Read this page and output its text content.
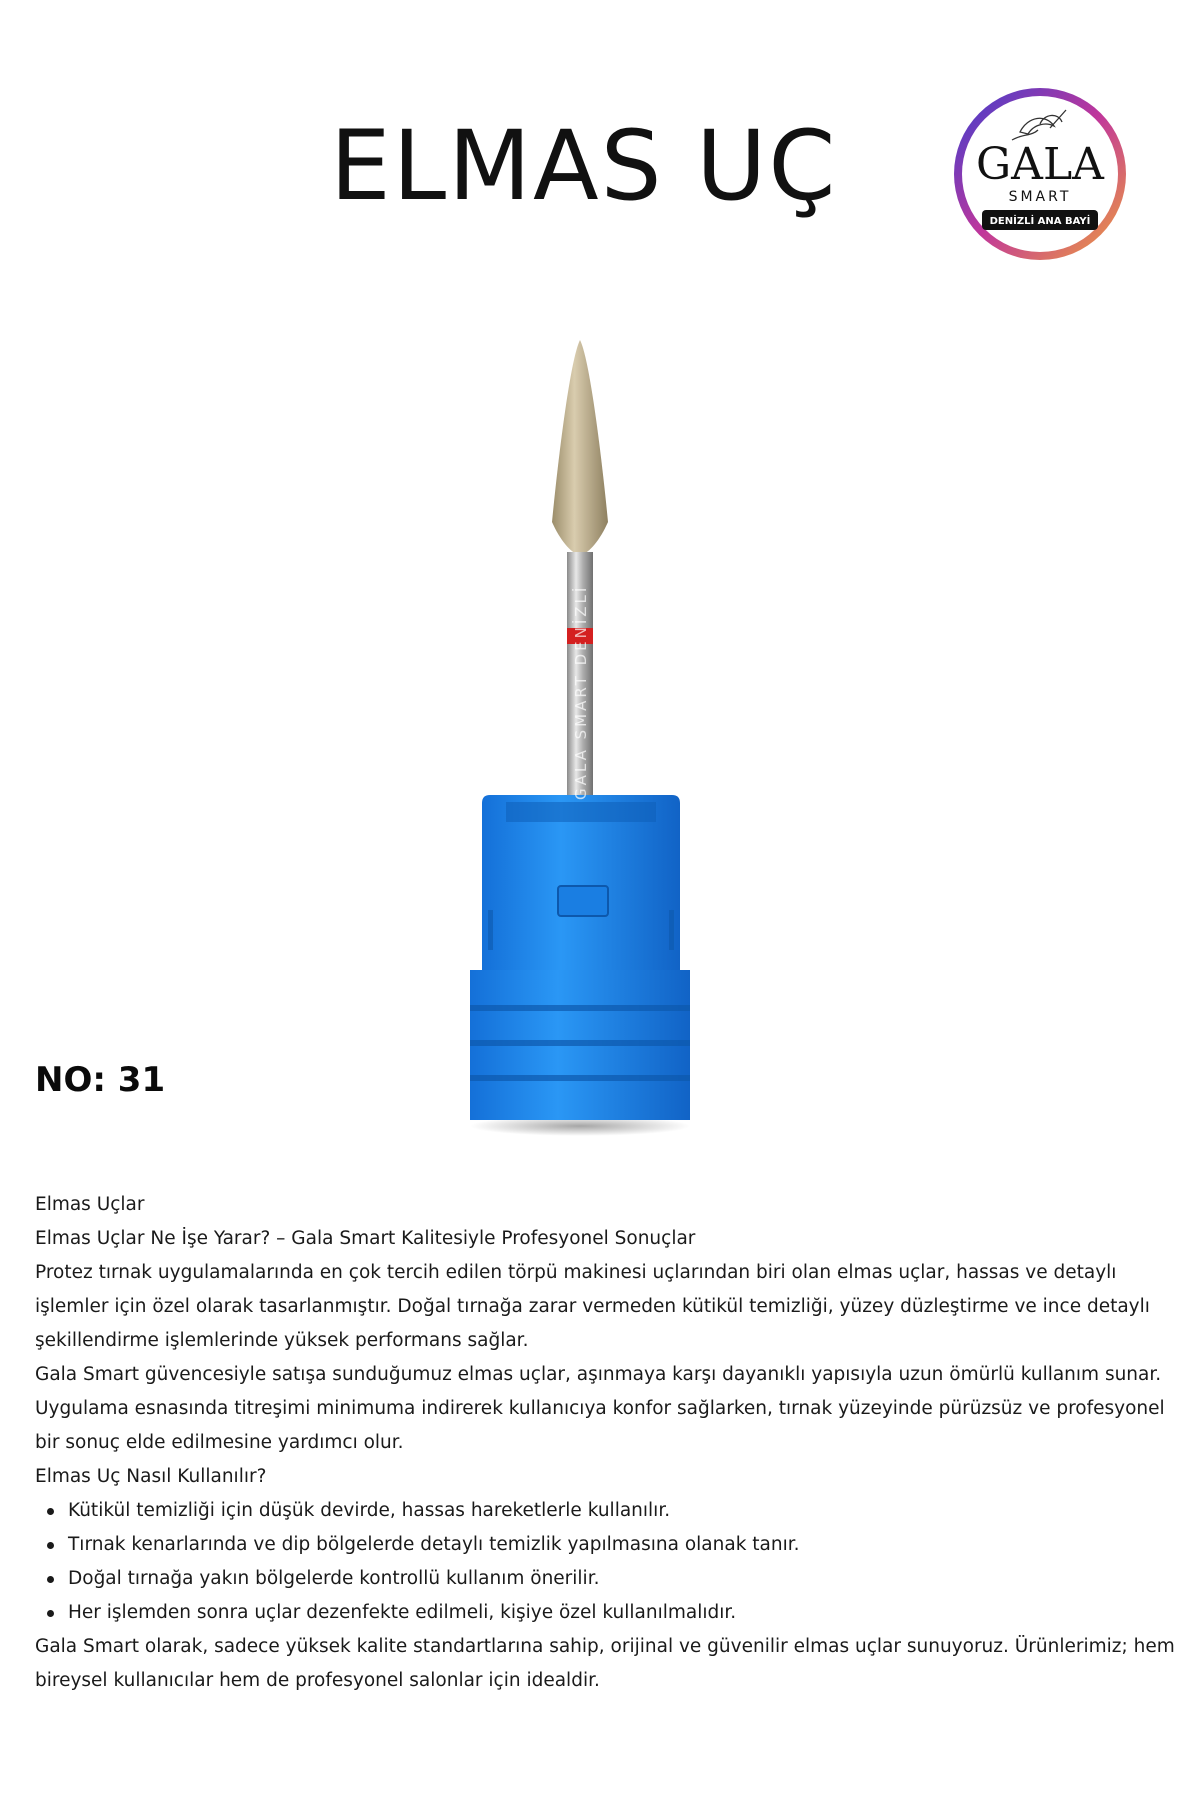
ELMAS UÇ	GALA
SMART
DENİZLİ ANA BAYİ
GALA SMART DENİZLİ

NO: 31

Elmas Uçlar

Elmas Uçlar Ne İşe Yarar? – Gala Smart Kalitesiyle Profesyonel Sonuçlar

Protez tırnak uygulamalarında en çok tercih edilen törpü makinesi uçlarından biri olan elmas uçlar, hassas ve detaylı işlemler için özel olarak tasarlanmıştır. Doğal tırnağa zarar vermeden kütikül temizliği, yüzey düzleştirme ve ince detaylı şekillendirme işlemlerinde yüksek performans sağlar.

Gala Smart güvencesiyle satışa sunduğumuz elmas uçlar, aşınmaya karşı dayanıklı yapısıyla uzun ömürlü kullanım sunar. Uygulama esnasında titreşimi minimuma indirerek kullanıcıya konfor sağlarken, tırnak yüzeyinde pürüzsüz ve profesyonel bir sonuç elde edilmesine yardımcı olur.

Elmas Uç Nasıl Kullanılır?

Kütikül temizliği için düşük devirde, hassas hareketlerle kullanılır.
Tırnak kenarlarında ve dip bölgelerde detaylı temizlik yapılmasına olanak tanır.
Doğal tırnağa yakın bölgelerde kontrollü kullanım önerilir.
Her işlemden sonra uçlar dezenfekte edilmeli, kişiye özel kullanılmalıdır.

Gala Smart olarak, sadece yüksek kalite standartlarına sahip, orijinal ve güvenilir elmas uçlar sunuyoruz. Ürünlerimiz; hem bireysel kullanıcılar hem de profesyonel salonlar için idealdir.
